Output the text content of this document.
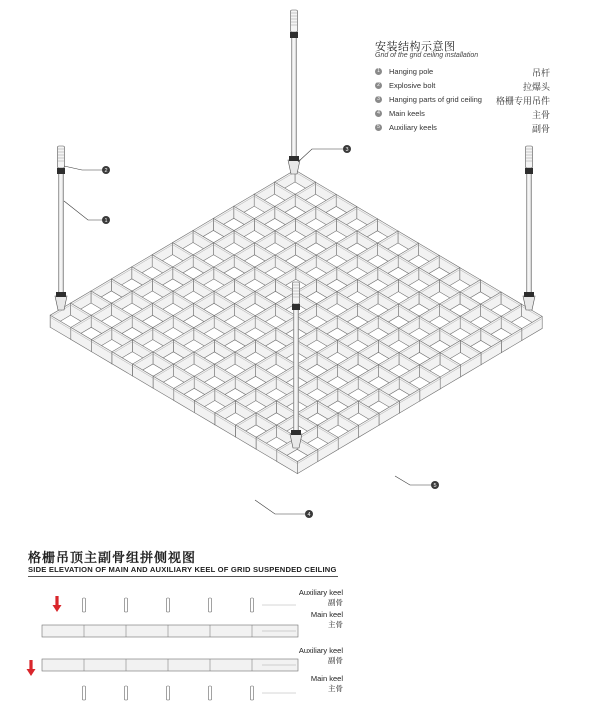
1
2
3
4
5
安装结构示意图
Grid of the grid ceiling installation
1 Hanging pole	吊杆
2 Explosive bolt	拉爆头
3 Hanging parts of grid ceiling 格栅专用吊件
4 Main keels	主骨
5 Auxiliary keels	副骨
格栅吊顶主副骨组拼侧视图
SIDE ELEVATION OF MAIN AND AUXILIARY KEEL OF GRID SUSPENDED CEILING
Auxiliary keel
副骨
Main keel
主骨
Auxiliary keel
副骨
Main keel
主骨
